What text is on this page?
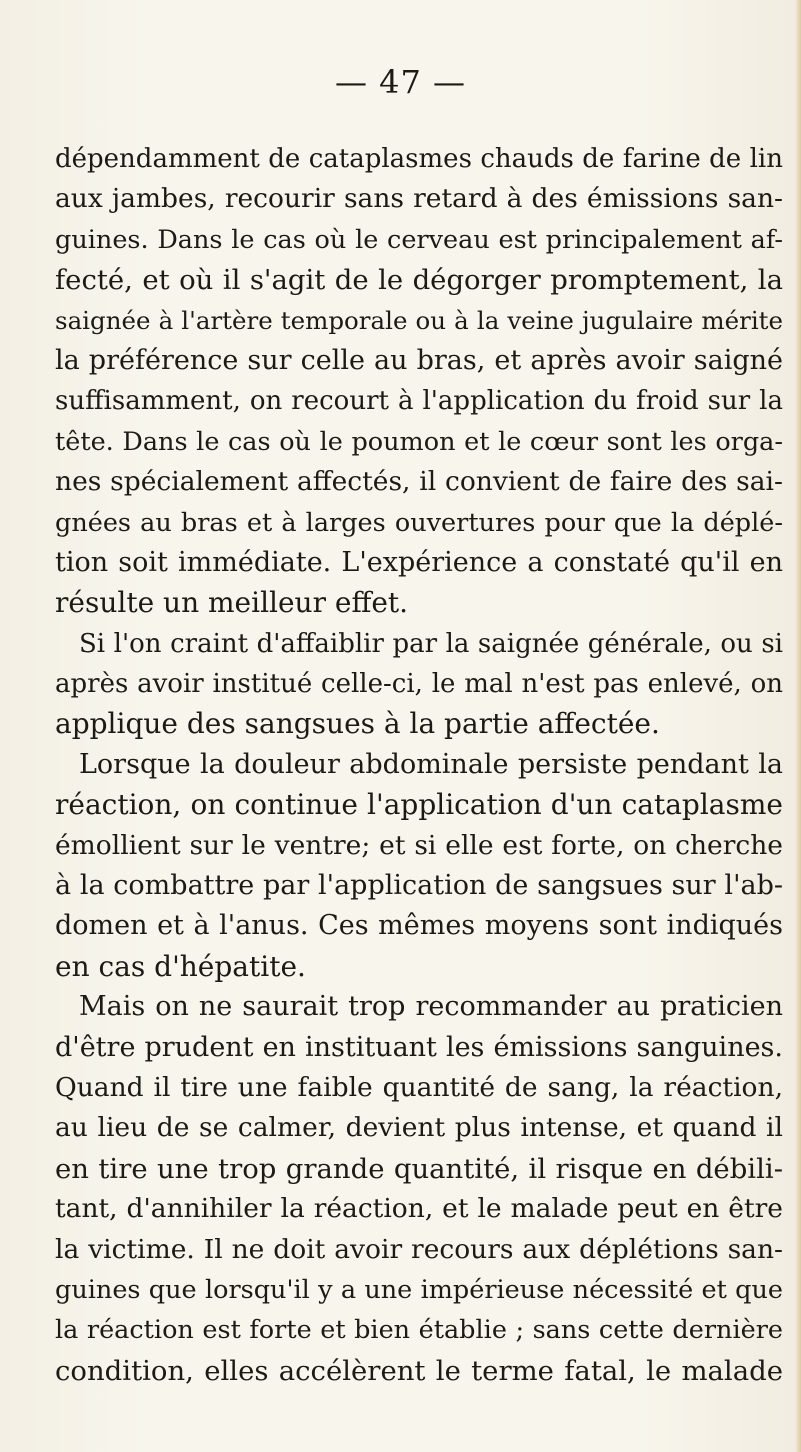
— 47 —
dépendamment de cataplasmes chauds de farine de lin
aux jambes, recourir sans retard à des émissions san-
guines. Dans le cas où le cerveau est principalement af-
fecté, et où il s'agit de le dégorger promptement, la
saignée à l'artère temporale ou à la veine jugulaire mérite
la préférence sur celle au bras, et après avoir saigné
suffisamment, on recourt à l'application du froid sur la
tête. Dans le cas où le poumon et le cœur sont les orga-
nes spécialement affectés, il convient de faire des sai-
gnées au bras et à larges ouvertures pour que la déplé-
tion soit immédiate. L'expérience a constaté qu'il en
résulte un meilleur effet.
Si l'on craint d'affaiblir par la saignée générale, ou si
après avoir institué celle-ci, le mal n'est pas enlevé, on
applique des sangsues à la partie affectée.
Lorsque la douleur abdominale persiste pendant la
réaction, on continue l'application d'un cataplasme
émollient sur le ventre; et si elle est forte, on cherche
à la combattre par l'application de sangsues sur l'ab-
domen et à l'anus. Ces mêmes moyens sont indiqués
en cas d'hépatite.
Mais on ne saurait trop recommander au praticien
d'être prudent en instituant les émissions sanguines.
Quand il tire une faible quantité de sang, la réaction,
au lieu de se calmer, devient plus intense, et quand il
en tire une trop grande quantité, il risque en débili-
tant, d'annihiler la réaction, et le malade peut en être
la victime. Il ne doit avoir recours aux déplétions san-
guines que lorsqu'il y a une impérieuse nécessité et que
la réaction est forte et bien établie ; sans cette dernière
condition, elles accélèrent le terme fatal, le malade
